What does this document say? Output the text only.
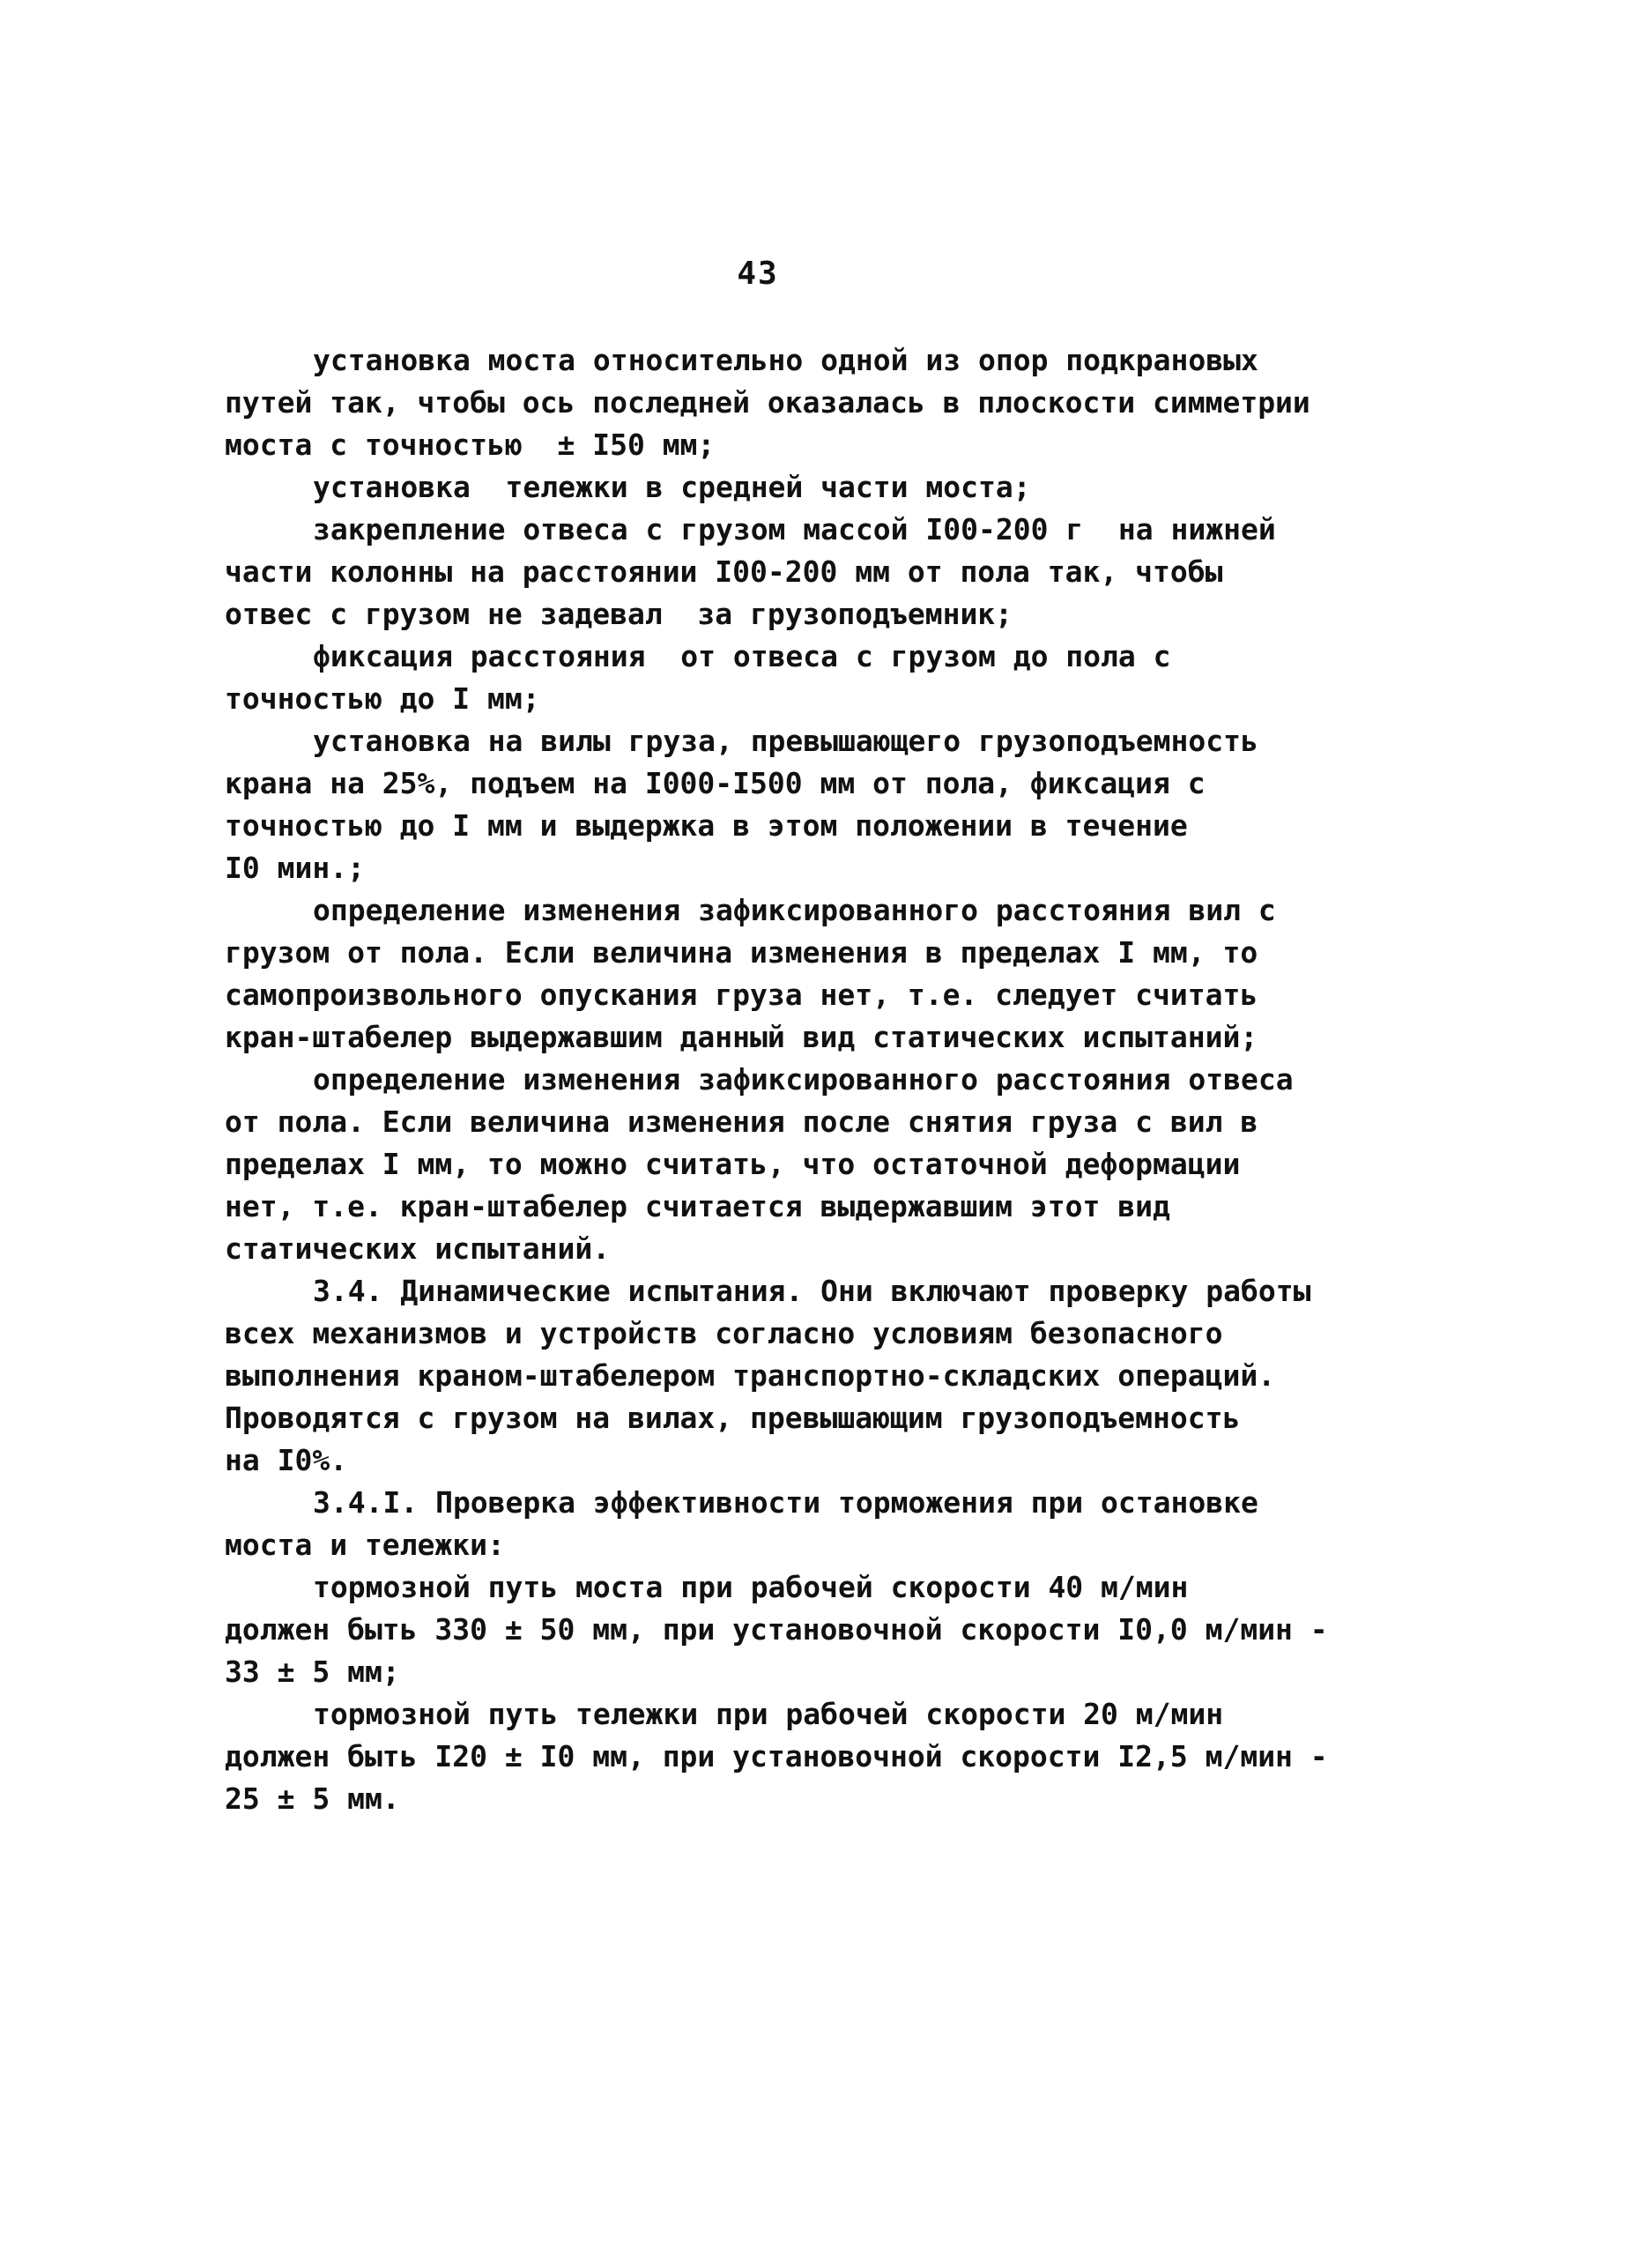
43
установка моста относительно одной из опор подкрановых
путей так, чтобы ось последней оказалась в плоскости симметрии
моста с точностью  ± I50 мм;
установка  тележки в средней части моста;
закрепление отвеса с грузом массой I00-200 г  на нижней
части колонны на расстоянии I00-200 мм от пола так, чтобы
отвес с грузом не задевал  за грузоподъемник;
фиксация расстояния  от отвеса с грузом до пола с
точностью до I мм;
установка на вилы груза, превышающего грузоподъемность
крана на 25%, подъем на I000-I500 мм от пола, фиксация с
точностью до I мм и выдержка в этом положении в течение
I0 мин.;
определение изменения зафиксированного расстояния вил с
грузом от пола. Если величина изменения в пределах I мм, то
самопроизвольного опускания груза нет, т.е. следует считать
кран-штабелер выдержавшим данный вид статических испытаний;
определение изменения зафиксированного расстояния отвеса
от пола. Если величина изменения после снятия груза с вил в
пределах I мм, то можно считать, что остаточной деформации
нет, т.е. кран-штабелер считается выдержавшим этот вид
статических испытаний.
3.4. Динамические испытания. Они включают проверку работы
всех механизмов и устройств согласно условиям безопасного
выполнения краном-штабелером транспортно-складских операций.
Проводятся с грузом на вилах, превышающим грузоподъемность
на I0%.
3.4.I. Проверка эффективности торможения при остановке
моста и тележки:
тормозной путь моста при рабочей скорости 40 м/мин
должен быть 330 ± 50 мм, при установочной скорости I0,0 м/мин -
33 ± 5 мм;
тормозной путь тележки при рабочей скорости 20 м/мин
должен быть I20 ± I0 мм, при установочной скорости I2,5 м/мин -
25 ± 5 мм.
